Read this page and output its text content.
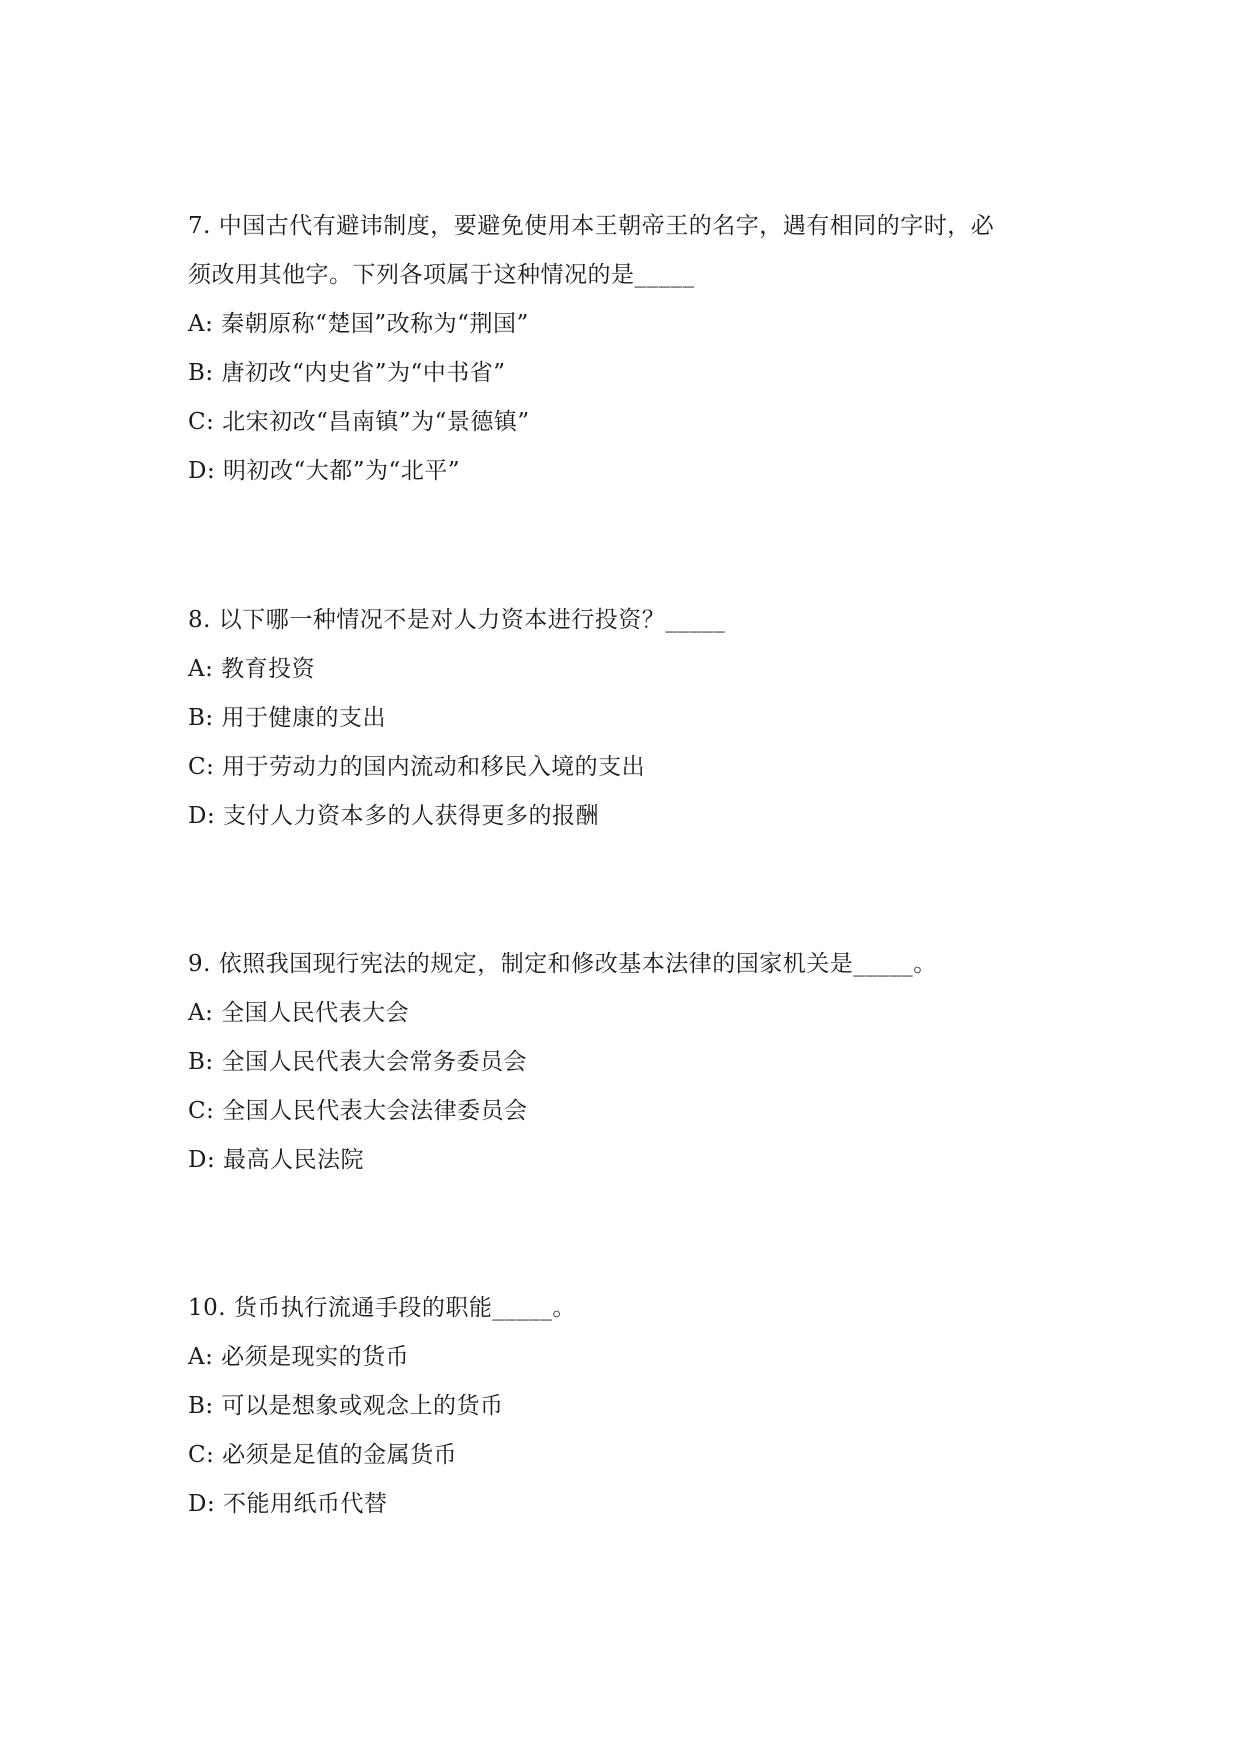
7. 中国古代有避讳制度，要避免使用本王朝帝王的名字，遇有相同的字时，必
须改用其他字。下列各项属于这种情况的是_____
A: 秦朝原称“楚国”改称为“荆国”
B: 唐初改“内史省”为“中书省”
C: 北宋初改“昌南镇”为“景德镇”
D: 明初改“大都”为“北平”
8. 以下哪一种情况不是对人力资本进行投资？_____
A: 教育投资
B: 用于健康的支出
C: 用于劳动力的国内流动和移民入境的支出
D: 支付人力资本多的人获得更多的报酬
9. 依照我国现行宪法的规定，制定和修改基本法律的国家机关是_____。
A: 全国人民代表大会
B: 全国人民代表大会常务委员会
C: 全国人民代表大会法律委员会
D: 最高人民法院
10. 货币执行流通手段的职能_____。
A: 必须是现实的货币
B: 可以是想象或观念上的货币
C: 必须是足值的金属货币
D: 不能用纸币代替
